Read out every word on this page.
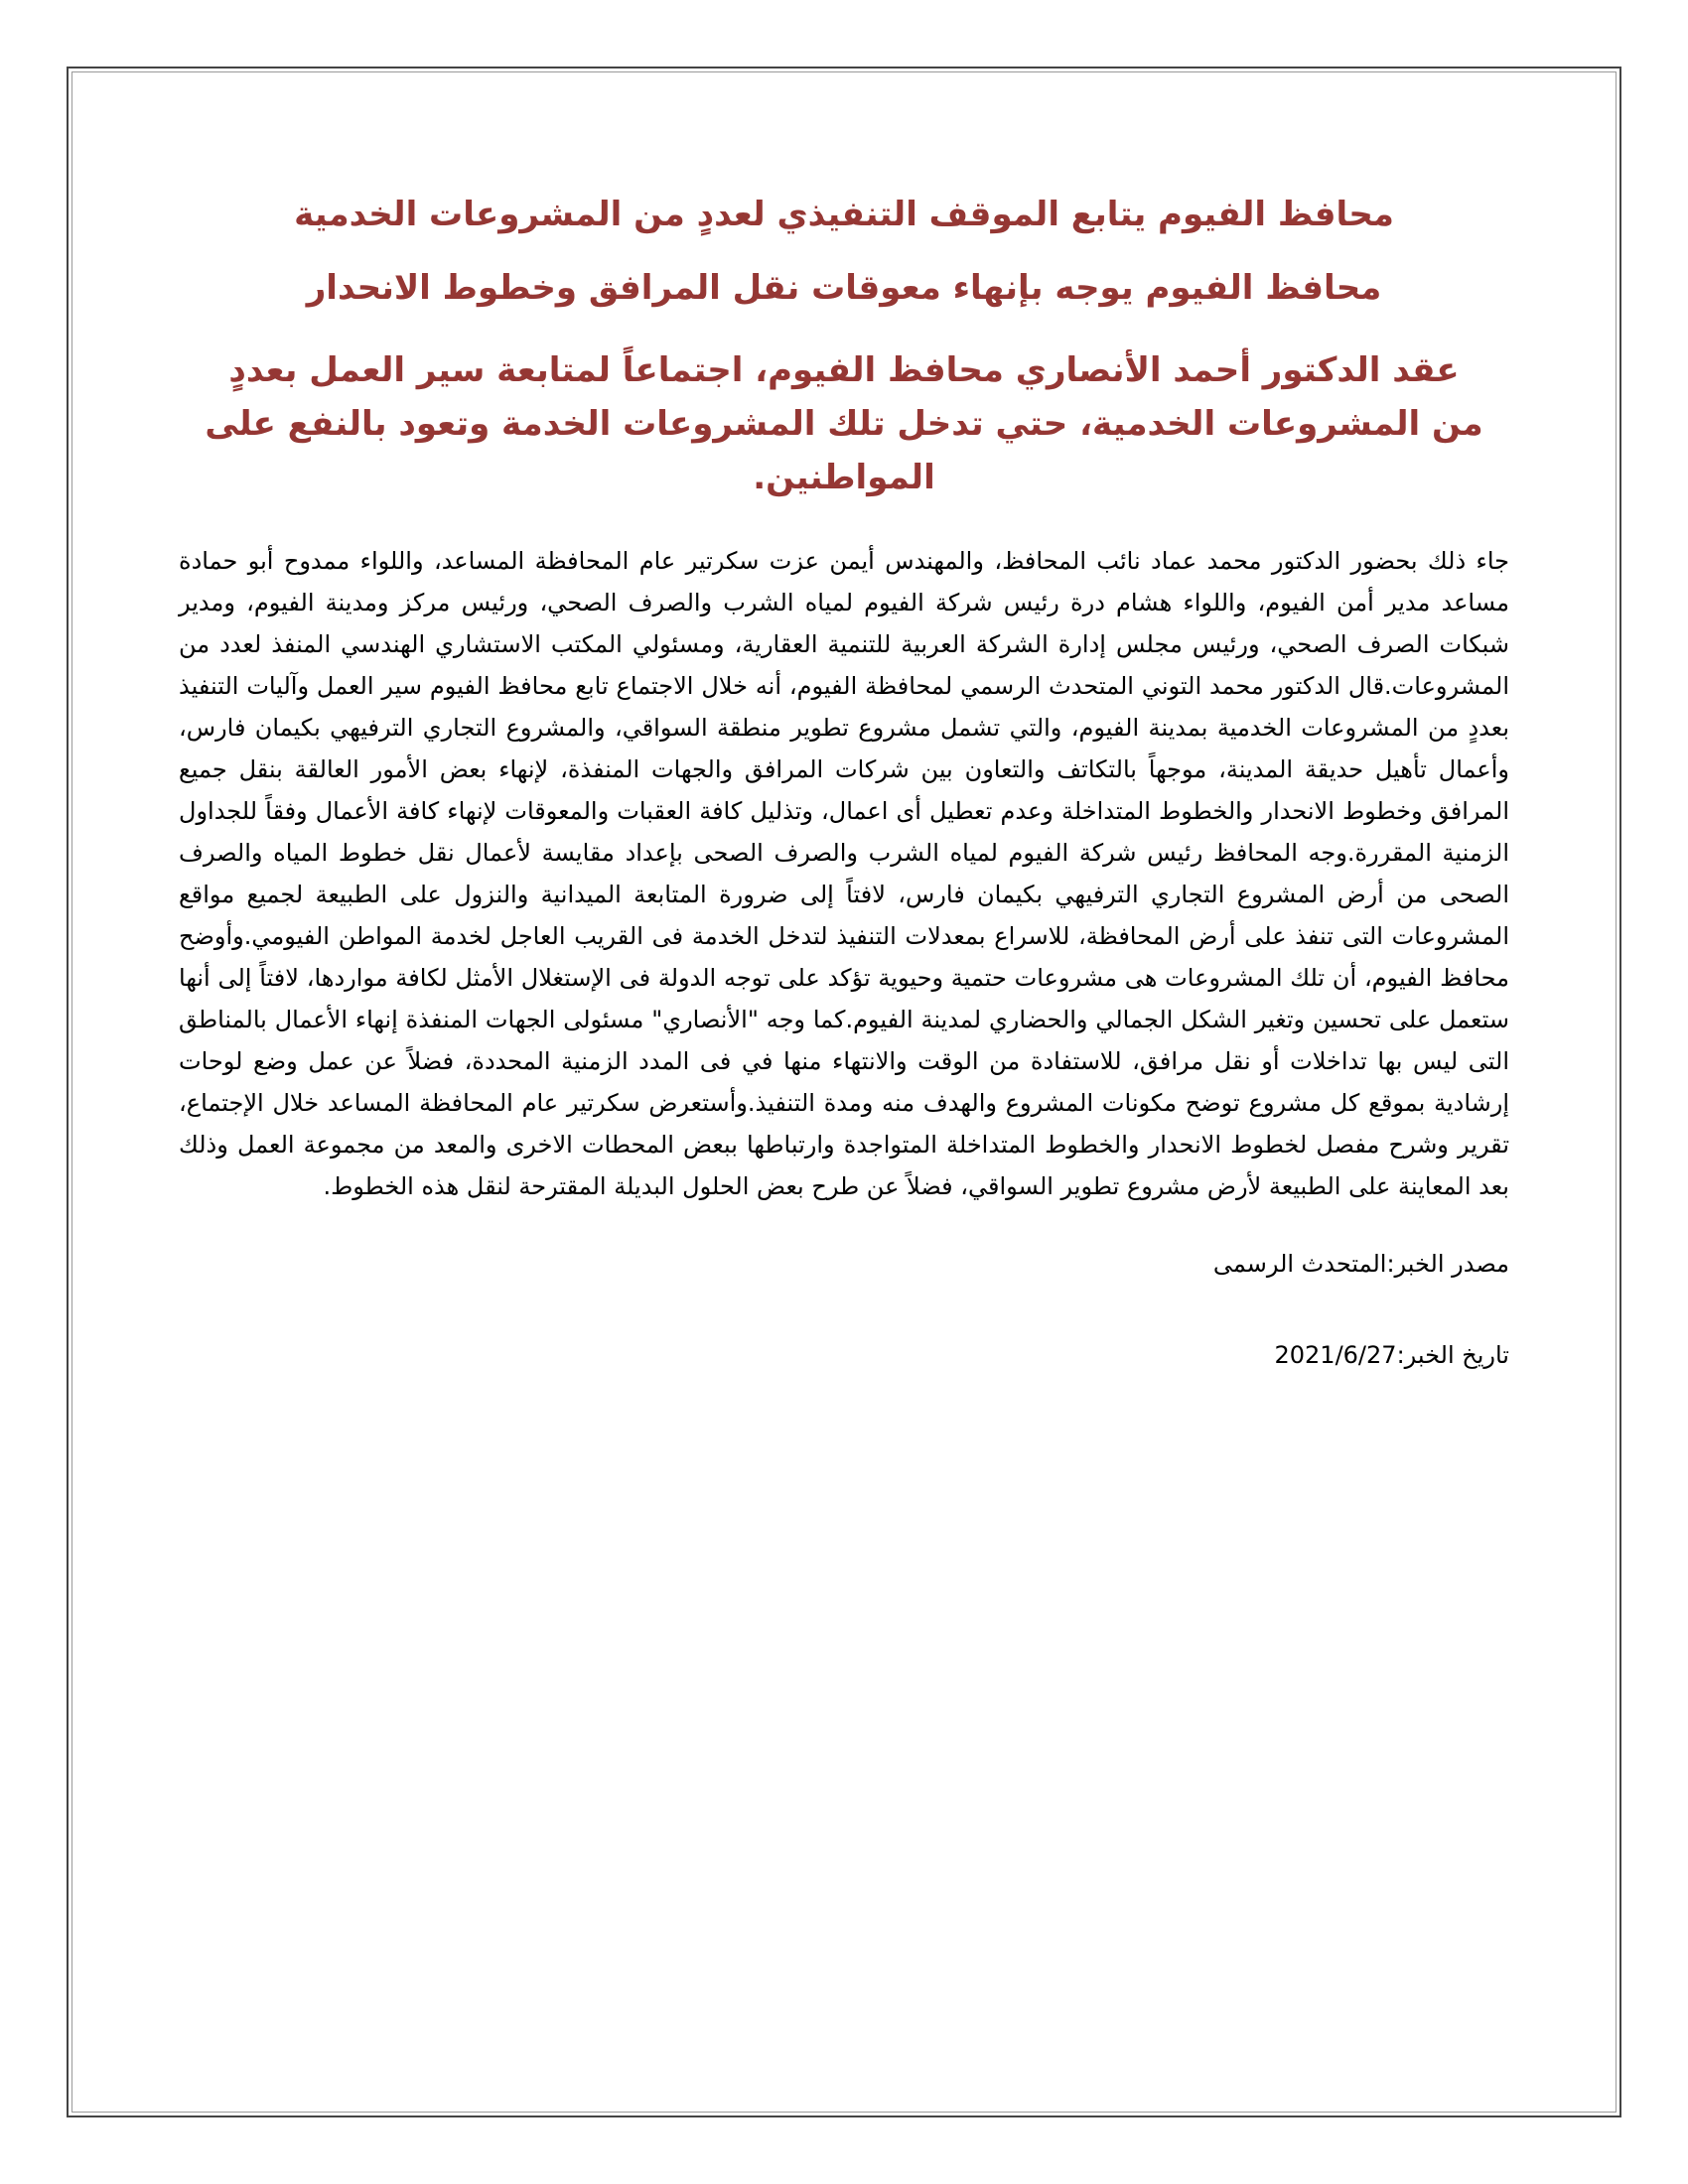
محافظ الفيوم يتابع الموقف التنفيذي لعددٍ من المشروعات الخدمية
محافظ الفيوم يوجه بإنهاء معوقات نقل المرافق وخطوط الانحدار
عقد الدكتور أحمد الأنصاري محافظ الفيوم، اجتماعاً لمتابعة سير العمل بعددٍ من المشروعات الخدمية، حتي تدخل تلك المشروعات الخدمة وتعود بالنفع على المواطنين.

جاء ذلك بحضور الدكتور محمد عماد نائب المحافظ، والمهندس أيمن عزت سكرتير عام المحافظة المساعد، واللواء ممدوح أبو حمادة مساعد مدير أمن الفيوم، واللواء هشام درة رئيس شركة الفيوم لمياه الشرب والصرف الصحي، ورئيس مركز ومدينة الفيوم، ومدير شبكات الصرف الصحي، ورئيس مجلس إدارة الشركة العربية للتنمية العقارية، ومسئولي المكتب الاستشاري الهندسي المنفذ لعدد من المشروعات.قال الدكتور محمد التوني المتحدث الرسمي لمحافظة الفيوم، أنه خلال الاجتماع تابع محافظ الفيوم سير العمل وآليات التنفيذ بعددٍ من المشروعات الخدمية بمدينة الفيوم، والتي تشمل مشروع تطوير منطقة السواقي، والمشروع التجاري الترفيهي بكيمان فارس، وأعمال تأهيل حديقة المدينة، موجهاً بالتكاتف والتعاون بين شركات المرافق والجهات المنفذة، لإنهاء بعض الأمور العالقة بنقل جميع المرافق وخطوط الانحدار والخطوط المتداخلة وعدم تعطيل أى اعمال، وتذليل كافة العقبات والمعوقات لإنهاء كافة الأعمال وفقاً للجداول الزمنية المقررة.وجه المحافظ رئيس شركة الفيوم لمياه الشرب والصرف الصحى بإعداد مقايسة لأعمال نقل خطوط المياه والصرف الصحى من أرض المشروع التجاري الترفيهي بكيمان فارس، لافتاً إلى ضرورة المتابعة الميدانية والنزول على الطبيعة لجميع مواقع المشروعات التى تنفذ على أرض المحافظة، للاسراع بمعدلات التنفيذ لتدخل الخدمة فى القريب العاجل لخدمة المواطن الفيومي.وأوضح محافظ الفيوم، أن تلك المشروعات هى مشروعات حتمية وحيوية تؤكد على توجه الدولة فى الإستغلال الأمثل لكافة مواردها، لافتاً إلى أنها ستعمل على تحسين وتغير الشكل الجمالي والحضاري لمدينة الفيوم.كما وجه "الأنصاري" مسئولى الجهات المنفذة إنهاء الأعمال بالمناطق التى ليس بها تداخلات أو نقل مرافق، للاستفادة من الوقت والانتهاء منها في فى المدد الزمنية المحددة، فضلاً عن عمل وضع لوحات إرشادية بموقع كل مشروع توضح مكونات المشروع والهدف منه ومدة التنفيذ.وأستعرض سكرتير عام المحافظة المساعد خلال الإجتماع، تقرير وشرح مفصل لخطوط الانحدار والخطوط المتداخلة المتواجدة وارتباطها ببعض المحطات الاخرى والمعد من مجموعة العمل وذلك بعد المعاينة على الطبيعة لأرض مشروع تطوير السواقي، فضلاً عن طرح بعض الحلول البديلة المقترحة لنقل هذه الخطوط.

مصدر الخبر:المتحدث الرسمى

تاريخ الخبر:2021/6/27
